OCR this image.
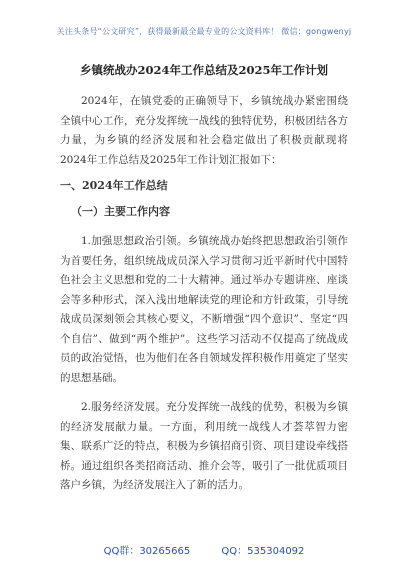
关注头条号“公文研究”，获得最新最全最专业的公文资料库！ 微信：gongwenyj
乡镇统战办2024年工作总结及2025年工作计划

2024年，在镇党委的正确领导下，乡镇统战办紧密围绕全镇中心工作，充分发挥统一战线的独特优势，积极团结各方力量，为乡镇的经济发展和社会稳定做出了积极贡献现将2024年工作总结及2025年工作计划汇报如下：

一、2024年工作总结
（一）主要工作内容

1.加强思想政治引领。乡镇统战办始终把思想政治引领作为首要任务，组织统战成员深入学习贯彻习近平新时代中国特色社会主义思想和党的二十大精神。通过举办专题讲座、座谈会等多种形式，深入浅出地解读党的理论和方针政策，引导统战成员深刻领会其核心要义，不断增强“四个意识”、坚定“四个自信”、做到“两个维护”。这些学习活动不仅提高了统战成员的政治觉悟，也为他们在各自领域发挥积极作用奠定了坚实的思想基础。

2.服务经济发展。充分发挥统一战线的优势，积极为乡镇的经济发展献力量。一方面，利用统一战线人才荟萃智力密集、联系广泛的特点，积极为乡镇招商引资、项目建设牵线搭桥。通过组织各类招商活动、推介会等，吸引了一批优质项目落户乡镇，为经济发展注入了新的活力。

QQ群：30265665	QQ：535304092
